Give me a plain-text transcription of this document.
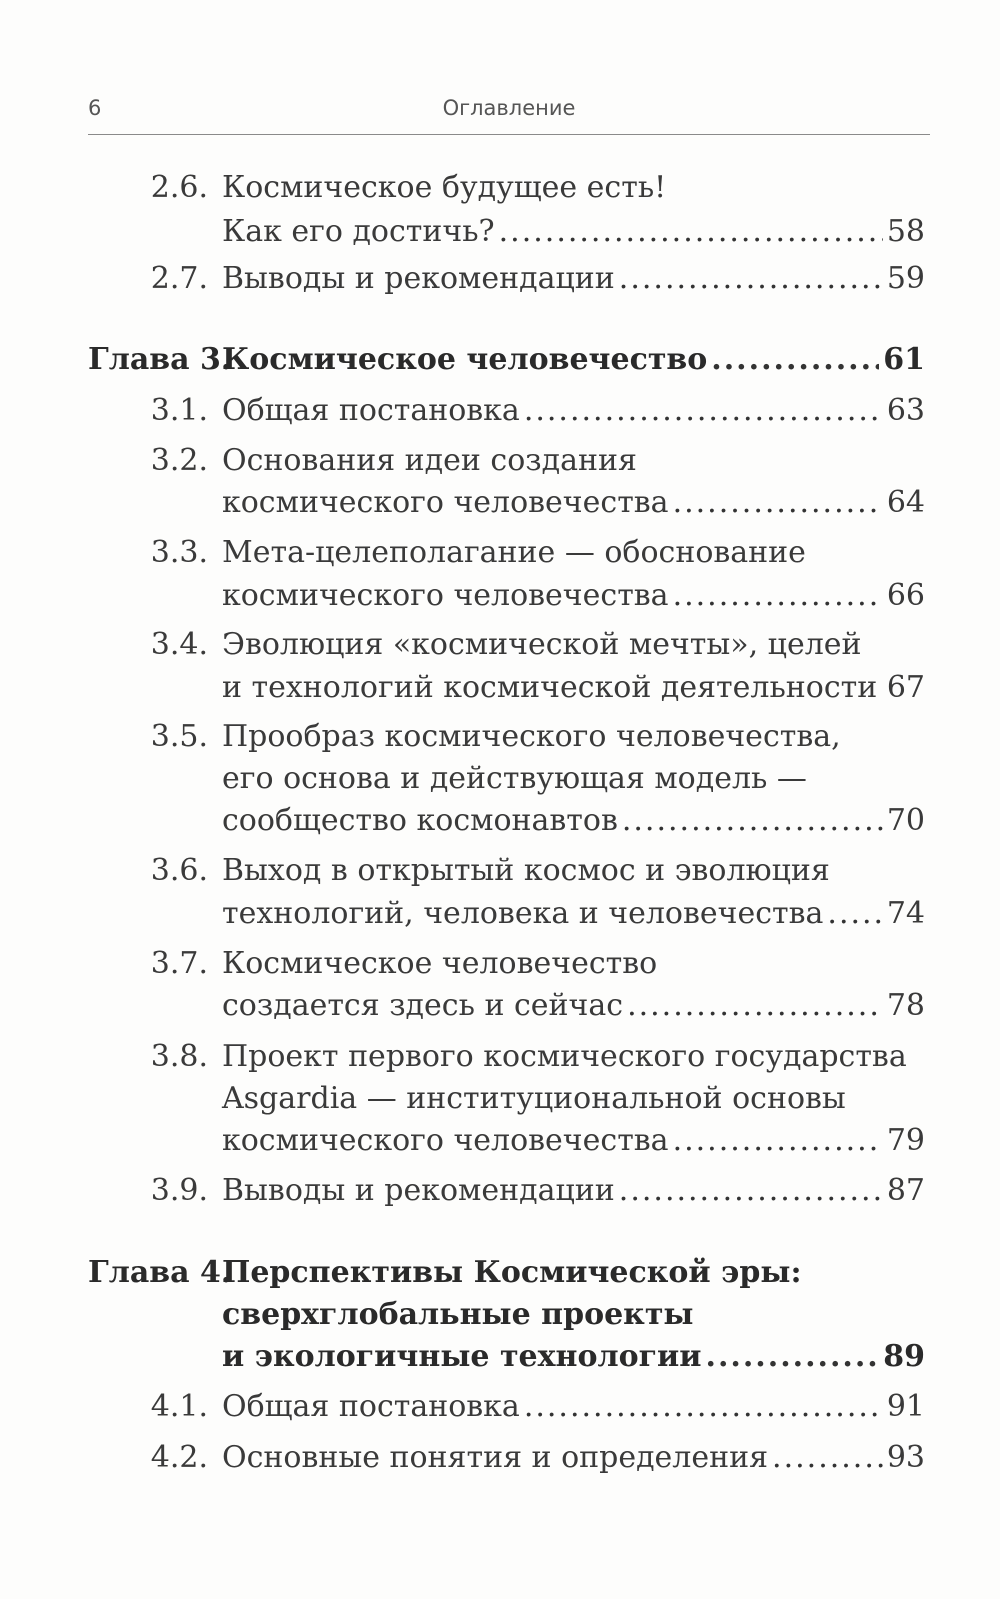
6	Оглавление
2.6. Космическое будущее есть!
Как его достичь? .....	58
2.7. Выводы и рекомендации .....	59
Глава 3.
Космическое человечество .....	61
3.1. Общая постановка .....	63
3.2. Основания идеи создания
космического человечества .....	64
3.3. Мета-целеполагание — обоснование
космического человечества .....	66
3.4. Эволюция «космической мечты», целей
и технологий космической деятельности ..... 67
3.5. Прообраз космического человечества,
его основа и действующая модель —
сообщество космонавтов .....	70
3.6. Выход в открытый космос и эволюция
технологий, человека и человечества ..... 74
3.7. Космическое человечество
создается здесь и сейчас .....	78
3.8. Проект первого космического государства
Asgardia — институциональной основы
космического человечества .....	79
3.9. Выводы и рекомендации .....	87
Глава 4.
Перспективы Космической эры:
сверхглобальные проекты
и экологичные технологии .....	89
4.1. Общая постановка .....	91
4.2. Основные понятия и определения .....	93
